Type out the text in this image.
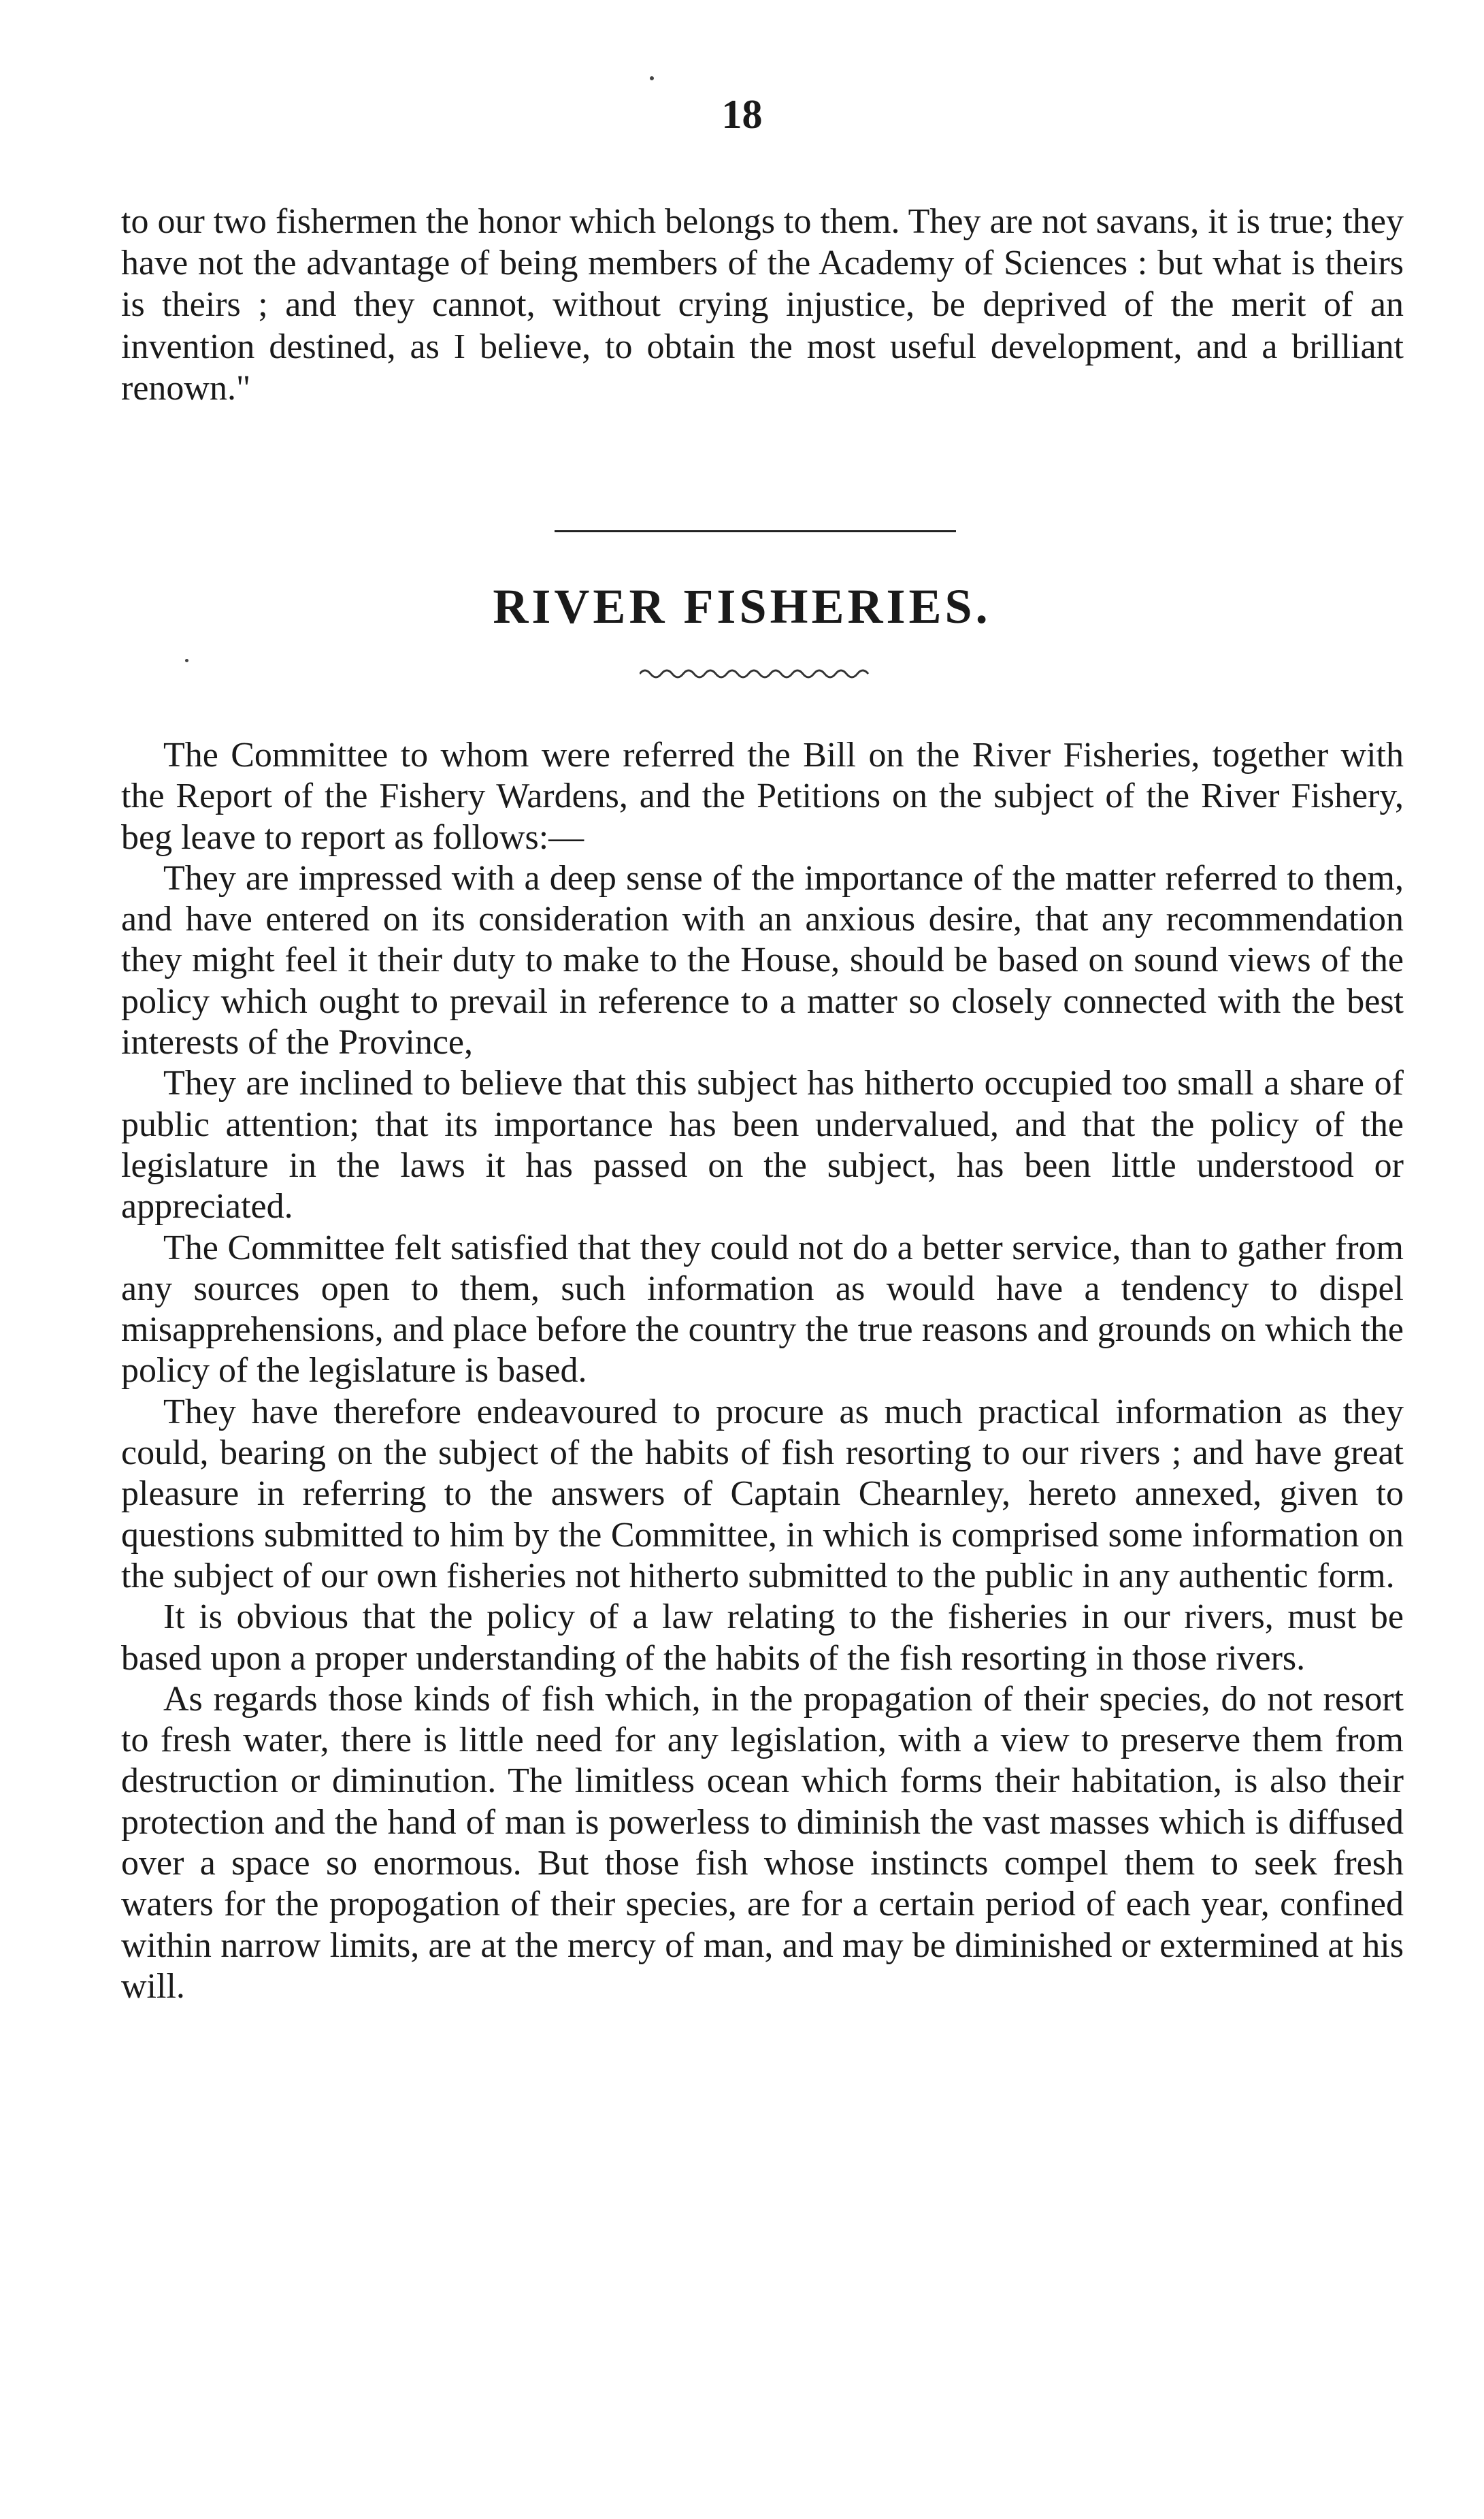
18

to our two fishermen the honor which belongs to them. They are not savans, it is true; they have not the advantage of being members of the Academy of Sciences : but what is theirs is theirs ; and they cannot, without crying injustice, be deprived of the merit of an invention destined, as I believe, to obtain the most useful development, and a brilliant renown."

RIVER FISHERIES.

The Committee to whom were referred the Bill on the River Fisheries, together with the Report of the Fishery Wardens, and the Petitions on the subject of the River Fishery, beg leave to report as follows:—

They are impressed with a deep sense of the importance of the matter referred to them, and have entered on its consideration with an anxious desire, that any recommendation they might feel it their duty to make to the House, should be based on sound views of the policy which ought to prevail in reference to a matter so closely connected with the best interests of the Province,

They are inclined to believe that this subject has hitherto occupied too small a share of public attention; that its importance has been undervalued, and that the policy of the legislature in the laws it has passed on the subject, has been little understood or appreciated.

The Committee felt satisfied that they could not do a better service, than to gather from any sources open to them, such information as would have a tendency to dispel misapprehensions, and place before the country the true reasons and grounds on which the policy of the legislature is based.

They have therefore endeavoured to procure as much practical information as they could, bearing on the subject of the habits of fish resorting to our rivers ; and have great pleasure in referring to the answers of Captain Chearnley, hereto annexed, given to questions submitted to him by the Committee, in which is comprised some information on the subject of our own fisheries not hitherto submitted to the public in any authentic form.

It is obvious that the policy of a law relating to the fisheries in our rivers, must be based upon a proper understanding of the habits of the fish resorting in those rivers.

As regards those kinds of fish which, in the propagation of their species, do not resort to fresh water, there is little need for any legislation, with a view to preserve them from destruction or diminution. The limitless ocean which forms their habitation, is also their protection and the hand of man is powerless to diminish the vast masses which is diffused over a space so enormous. But those fish whose instincts compel them to seek fresh waters for the propogation of their species, are for a certain period of each year, confined within narrow limits, are at the mercy of man, and may be diminished or extermined at his will.
